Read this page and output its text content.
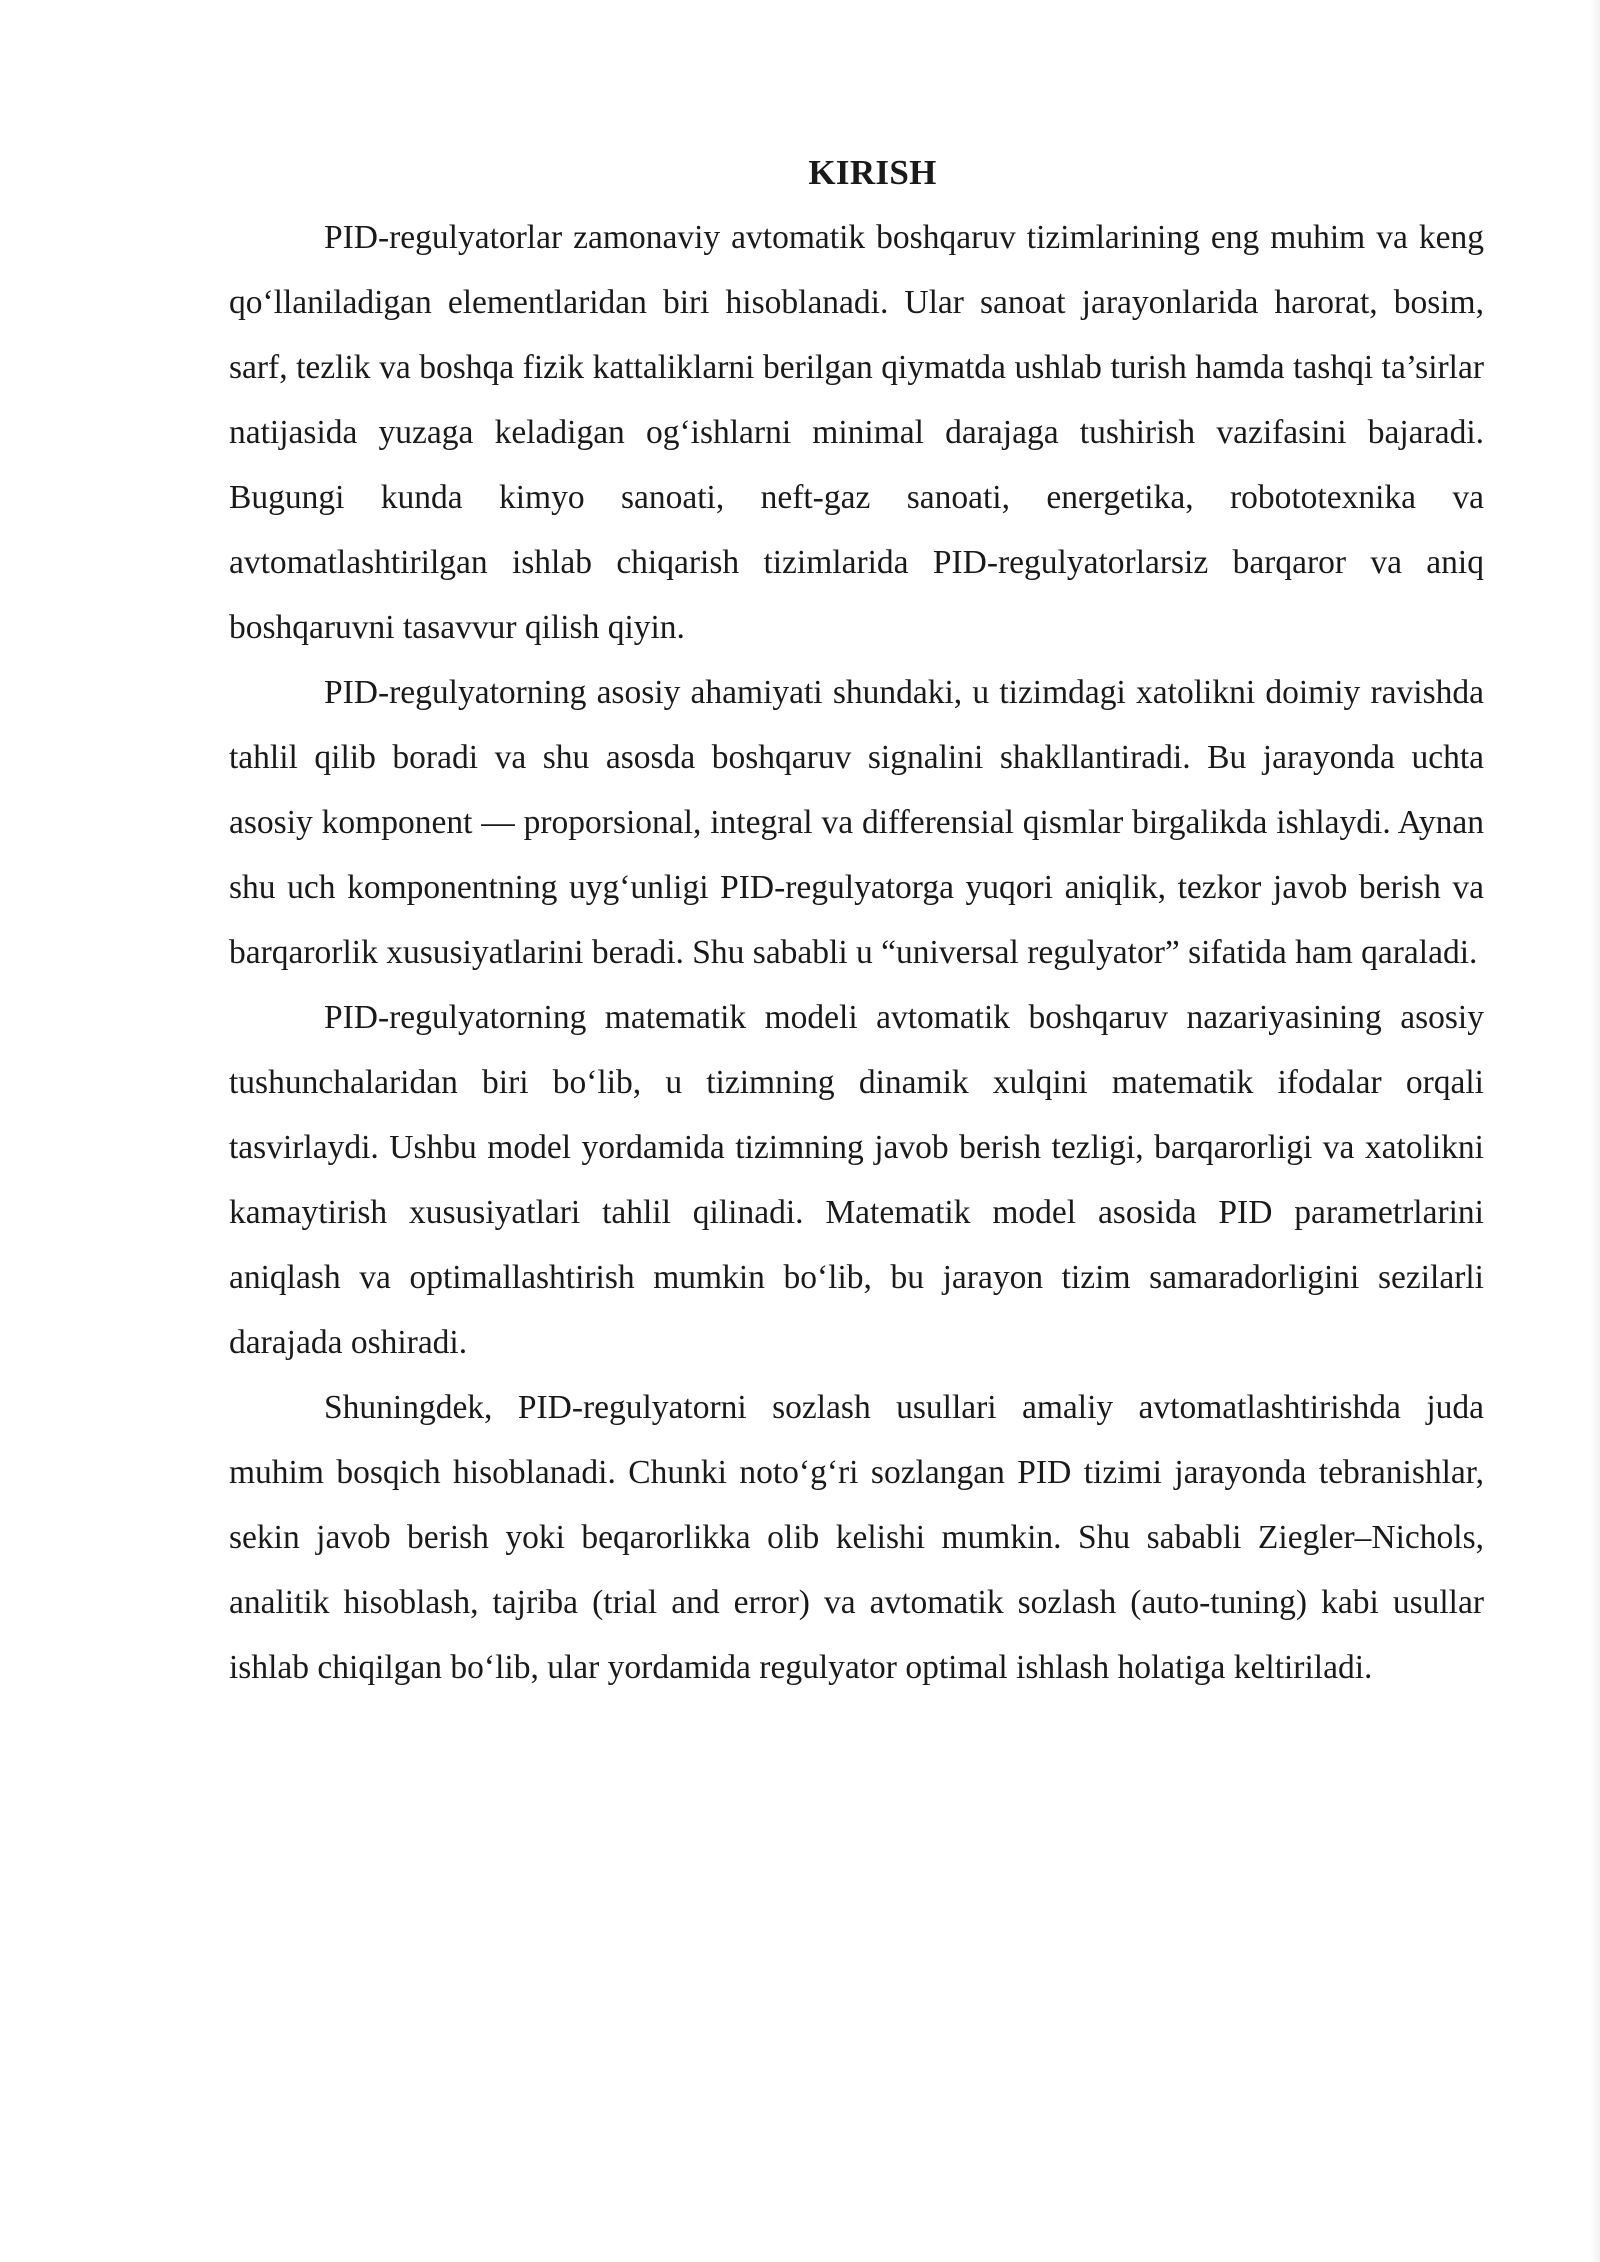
KIRISH

PID-regulyatorlar zamonaviy avtomatik boshqaruv tizimlarining eng muhim va keng qo‘llaniladigan elementlaridan biri hisoblanadi. Ular sanoat jarayonlarida harorat, bosim, sarf, tezlik va boshqa fizik kattaliklarni berilgan qiymatda ushlab turish hamda tashqi ta’sirlar natijasida yuzaga keladigan og‘ishlarni minimal darajaga tushirish vazifasini bajaradi. Bugungi kunda kimyo sanoati, neft-gaz sanoati, energetika, robototexnika va avtomatlashtirilgan ishlab chiqarish tizimlarida PID-regulyatorlarsiz barqaror va aniq boshqaruvni tasavvur qilish qiyin.

PID-regulyatorning asosiy ahamiyati shundaki, u tizimdagi xatolikni doimiy ravishda tahlil qilib boradi va shu asosda boshqaruv signalini shakllantiradi. Bu jarayonda uchta asosiy komponent — proporsional, integral va differensial qismlar birgalikda ishlaydi. Aynan shu uch komponentning uyg‘unligi PID-regulyatorga yuqori aniqlik, tezkor javob berish va barqarorlik xususiyatlarini beradi. Shu sababli u “universal regulyator” sifatida ham qaraladi.

PID-regulyatorning matematik modeli avtomatik boshqaruv nazariyasining asosiy tushunchalaridan biri bo‘lib, u tizimning dinamik xulqini matematik ifodalar orqali tasvirlaydi. Ushbu model yordamida tizimning javob berish tezligi, barqarorligi va xatolikni kamaytirish xususiyatlari tahlil qilinadi. Matematik model asosida PID parametrlarini aniqlash va optimallashtirish mumkin bo‘lib, bu jarayon tizim samaradorligini sezilarli darajada oshiradi.

Shuningdek, PID-regulyatorni sozlash usullari amaliy avtomatlashtirishda juda muhim bosqich hisoblanadi. Chunki noto‘g‘ri sozlangan PID tizimi jarayonda tebranishlar, sekin javob berish yoki beqarorlikka olib kelishi mumkin. Shu sababli Ziegler–Nichols, analitik hisoblash, tajriba (trial and error) va avtomatik sozlash (auto-tuning) kabi usullar ishlab chiqilgan bo‘lib, ular yordamida regulyator optimal ishlash holatiga keltiriladi.
